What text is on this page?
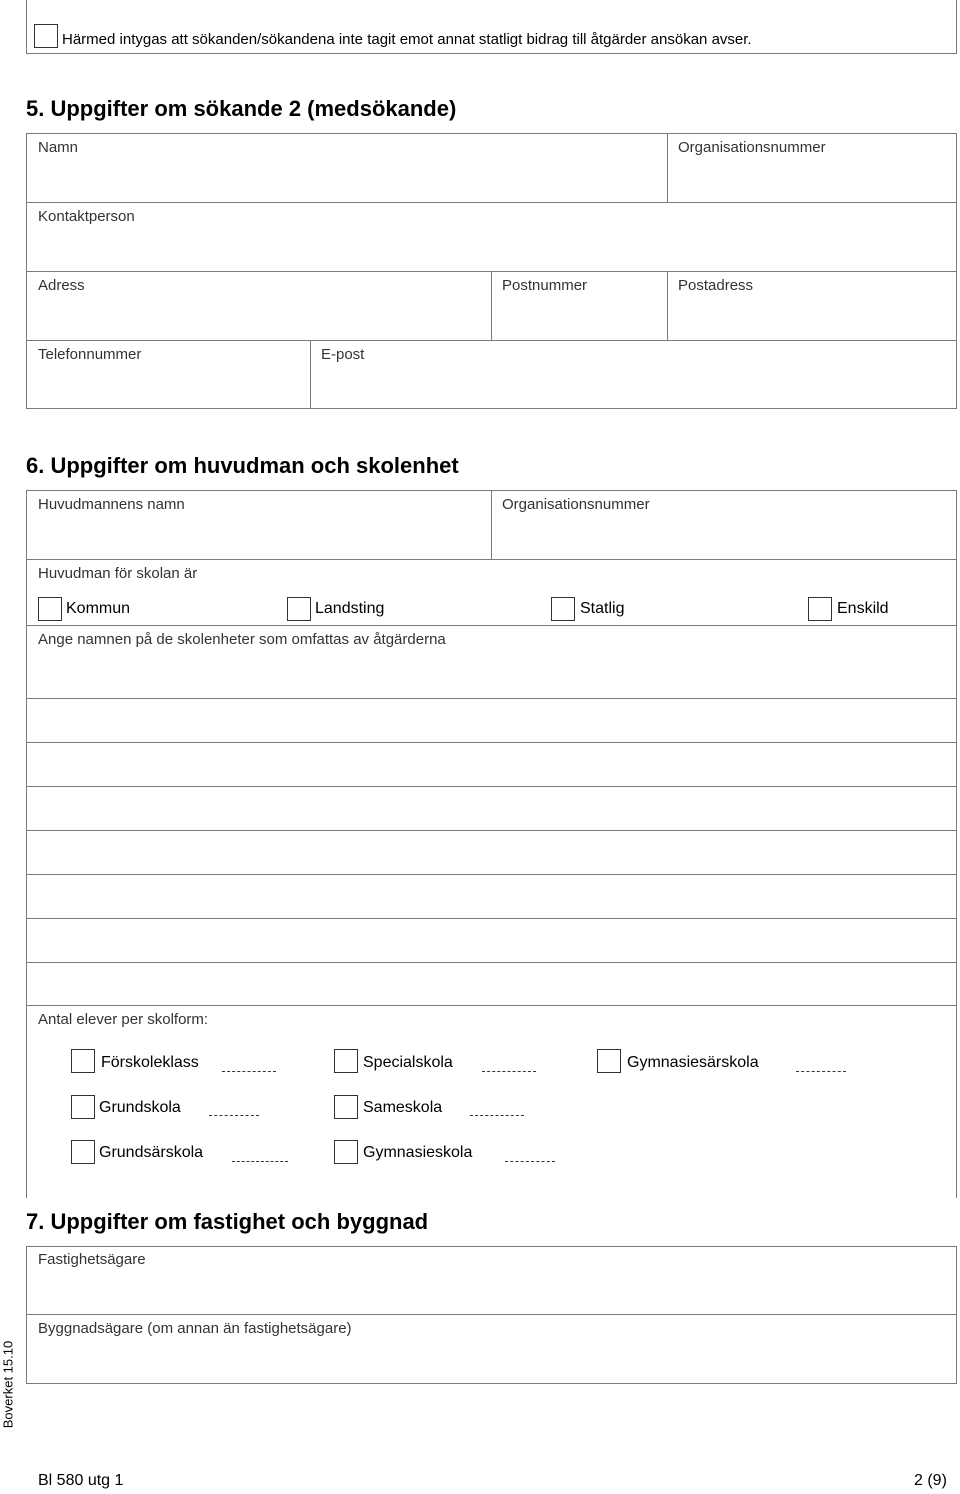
Härmed intygas att sökanden/sökandena inte tagit emot annat statligt bidrag till åtgärder ansökan avser.
5. Uppgifter om sökande 2 (medsökande)
Namn	Organisationsnummer
Kontaktperson
Adress	Postnummer	Postadress
Telefonnummer	E-post
6. Uppgifter om huvudman och skolenhet
Huvudmannens namn	Organisationsnummer
Huvudman för skolan är
Kommun	Landsting	Statlig	Enskild
Ange namnen på de skolenheter som omfattas av åtgärderna
Antal elever per skolform:
Förskoleklass	Specialskola	Gymnasiesärskola
Grundskola	Sameskola
Grundsärskola	Gymnasieskola
7. Uppgifter om fastighet och byggnad
Fastighetsägare
Byggnadsägare (om annan än fastighetsägare)
Boverket 15.10
Bl 580 utg 1	2 (9)
